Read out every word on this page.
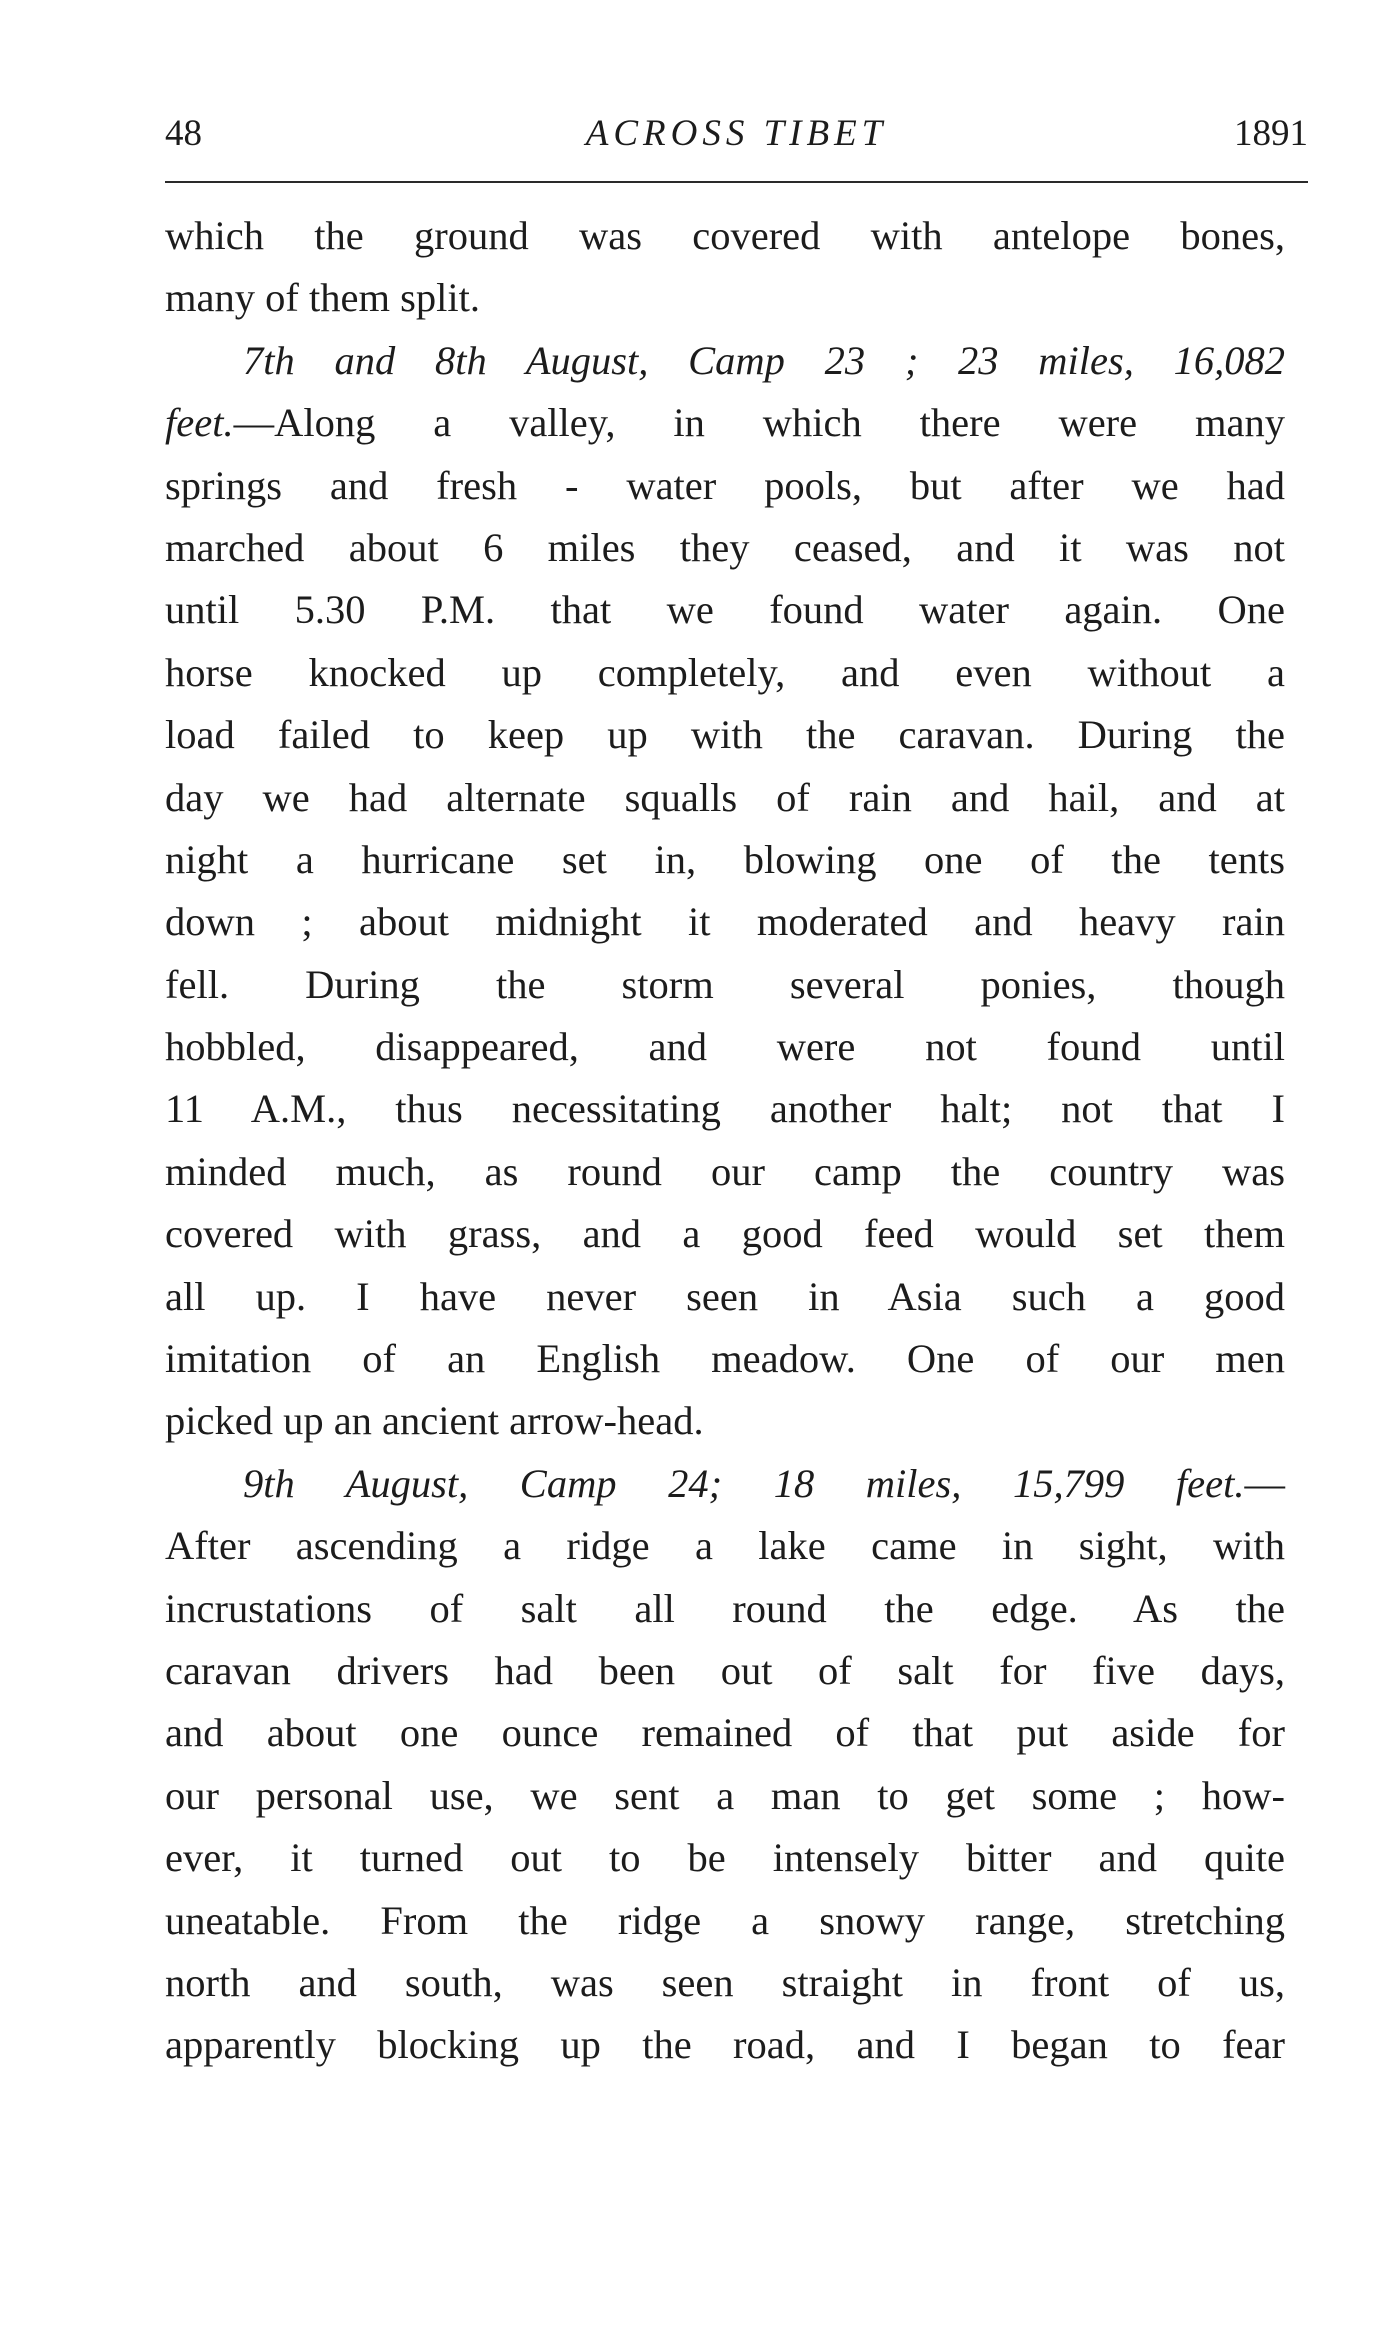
48	ACROSS TIBET	1891
which the ground was covered with antelope bones,
many of them split.
7th and 8th August, Camp 23 ; 23 miles, 16,082
feet.—Along a valley, in which there were many
springs and fresh - water pools, but after we had
marched about 6 miles they ceased, and it was not
until 5.30 P.M. that we found water again. One
horse knocked up completely, and even without a
load failed to keep up with the caravan. During the
day we had alternate squalls of rain and hail, and at
night a hurricane set in, blowing one of the tents
down ; about midnight it moderated and heavy rain
fell. During the storm several ponies, though
hobbled, disappeared, and were not found until
11 A.M., thus necessitating another halt; not that I
minded much, as round our camp the country was
covered with grass, and a good feed would set them
all up. I have never seen in Asia such a good
imitation of an English meadow. One of our men
picked up an ancient arrow-head.
9th August, Camp 24; 18 miles, 15,799 feet.—
After ascending a ridge a lake came in sight, with
incrustations of salt all round the edge. As the
caravan drivers had been out of salt for five days,
and about one ounce remained of that put aside for
our personal use, we sent a man to get some ; how-
ever, it turned out to be intensely bitter and quite
uneatable. From the ridge a snowy range, stretching
north and south, was seen straight in front of us,
apparently blocking up the road, and I began to fear
